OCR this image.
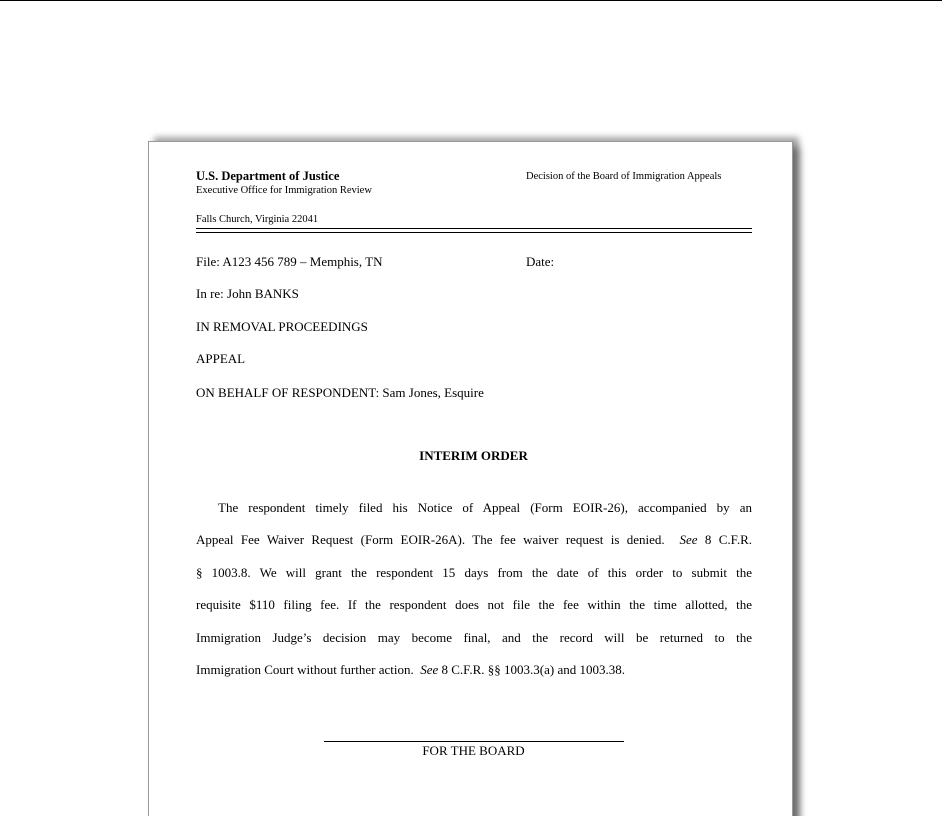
U.S. Department of Justice
Executive Office for Immigration Review
Decision of the Board of Immigration Appeals
Falls Church, Virginia 22041
File: A123 456 789 – Memphis, TN	Date:
In re: John BANKS
IN REMOVAL PROCEEDINGS
APPEAL
ON BEHALF OF RESPONDENT: Sam Jones, Esquire
INTERIM ORDER
The respondent timely filed his Notice of Appeal (Form EOIR-26), accompanied by an
Appeal Fee Waiver Request (Form EOIR-26A). The fee waiver request is denied. See 8 C.F.R.
§ 1003.8. We will grant the respondent 15 days from the date of this order to submit the
requisite $110 filing fee. If the respondent does not file the fee within the time allotted, the
Immigration Judge’s decision may become final, and the record will be returned to the
Immigration Court without further action. See 8 C.F.R. §§ 1003.3(a) and 1003.38.
FOR THE BOARD
